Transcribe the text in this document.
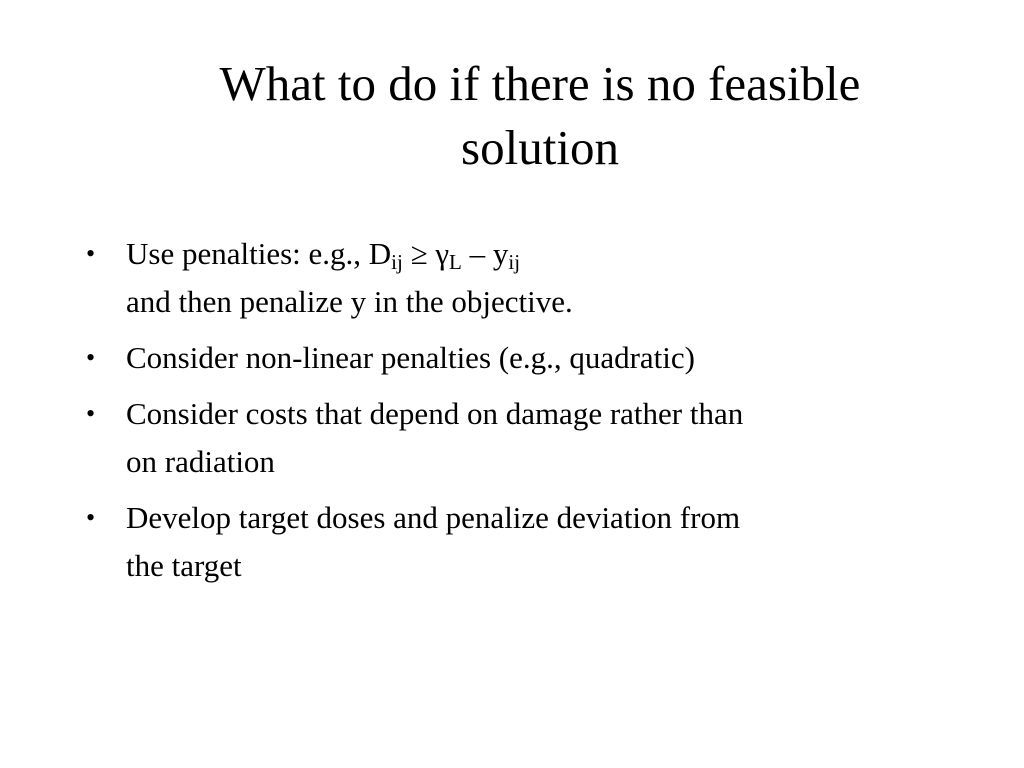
What to do if there is no feasible
solution
• Use penalties: e.g., $D_{ij} \ge \gamma_L - y_{ij}$
and then penalize y in the objective.
• Consider non-linear penalties (e.g., quadratic)
• Consider costs that depend on damage rather than
on radiation
• Develop target doses and penalize deviation from
the target
